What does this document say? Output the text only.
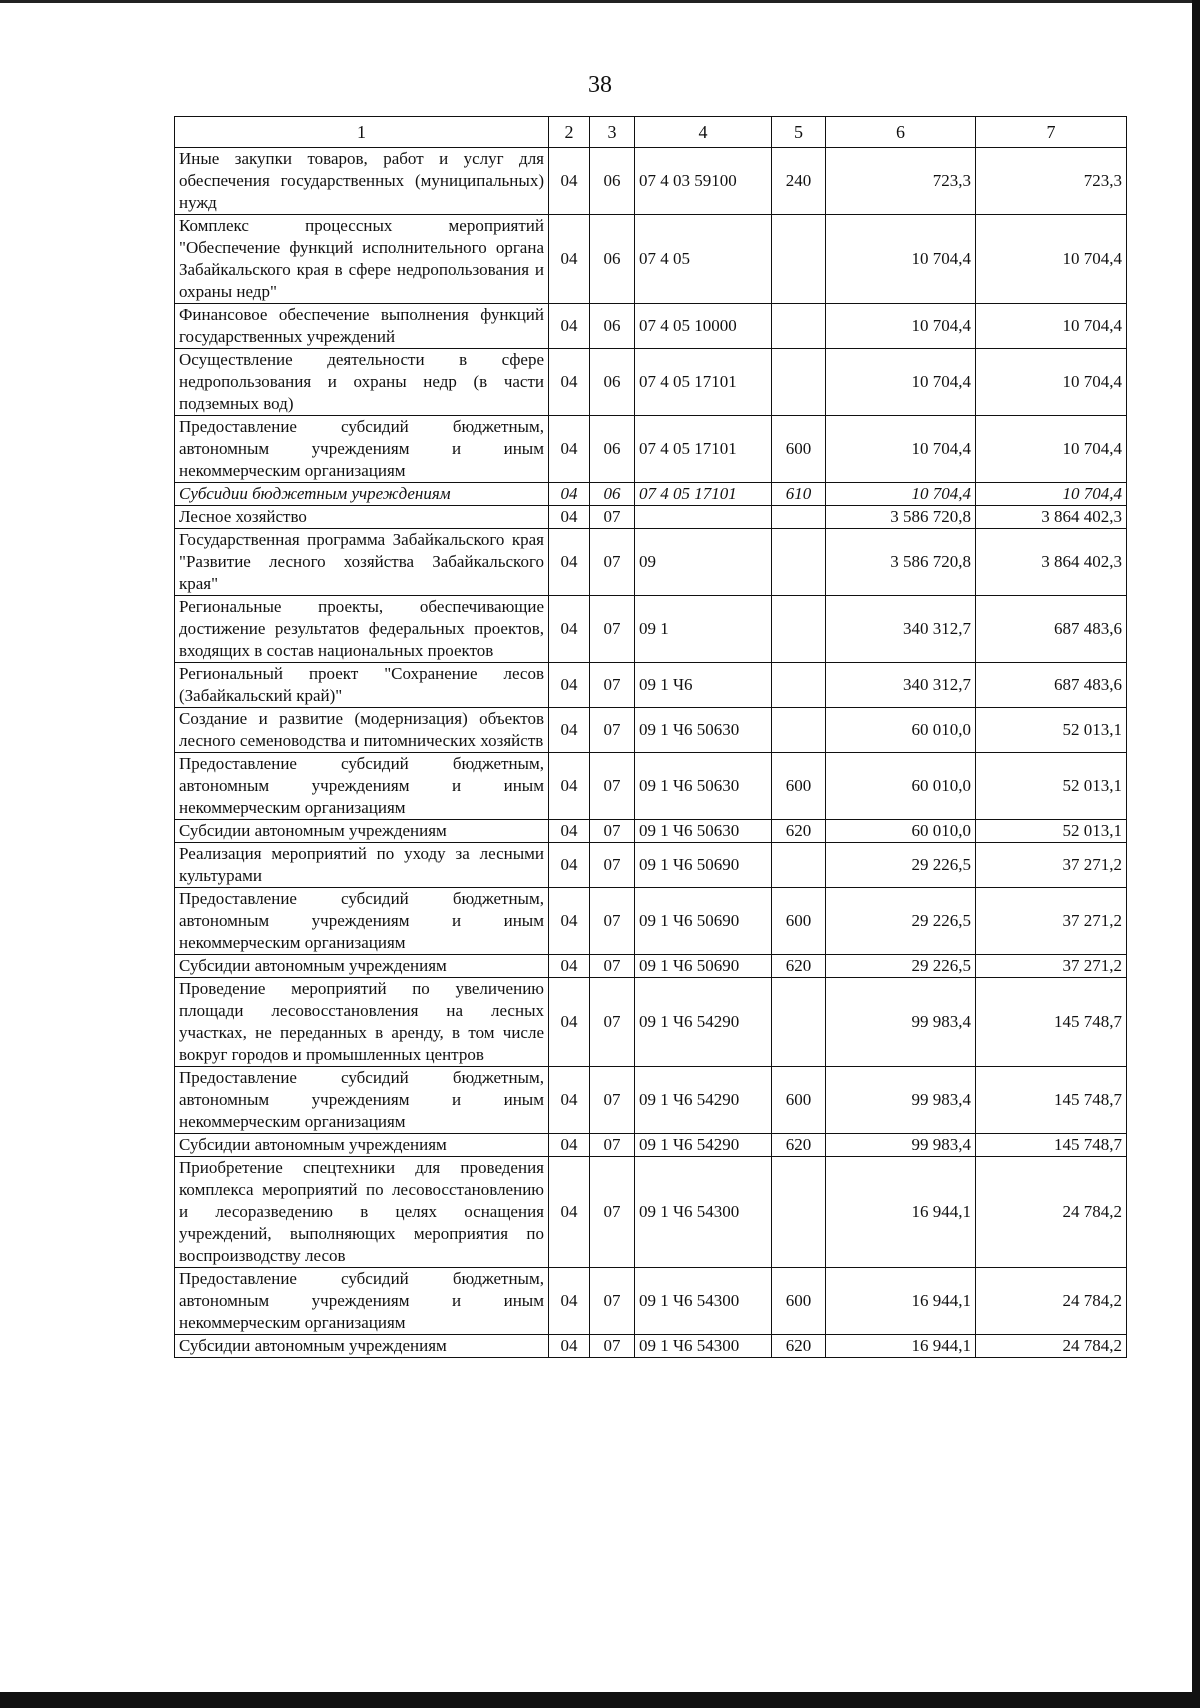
38
1	2	3	4	5	6	7
Иные закупки товаров, работ и услуг для обеспечения государственных (муниципальных) нужд	04	06	07 4 03 59100	240	723,3	723,3
Комплекс процессных мероприятий "Обеспечение функций исполнительного органа Забайкальского края в сфере недропользования и охраны недр"	04	06	07 4 05		10 704,4	10 704,4
Финансовое обеспечение выполнения функций государственных учреждений	04	06	07 4 05 10000		10 704,4	10 704,4
Осуществление деятельности в сфере недропользования и охраны недр (в части подземных вод)	04	06	07 4 05 17101		10 704,4	10 704,4
Предоставление субсидий бюджетным, автономным учреждениям и иным некоммерческим организациям	04	06	07 4 05 17101	600	10 704,4	10 704,4
Субсидии бюджетным учреждениям	04	06	07 4 05 17101	610	10 704,4	10 704,4
Лесное хозяйство	04	07			3 586 720,8	3 864 402,3
Государственная программа Забайкальского края "Развитие лесного хозяйства Забайкальского края"	04	07	09		3 586 720,8	3 864 402,3
Региональные проекты, обеспечивающие достижение результатов федеральных проектов, входящих в состав национальных проектов	04	07	09 1		340 312,7	687 483,6
Региональный проект "Сохранение лесов (Забайкальский край)"	04	07	09 1 Ч6		340 312,7	687 483,6
Создание и развитие (модернизация) объектов лесного семеноводства и питомнических хозяйств	04	07	09 1 Ч6 50630		60 010,0	52 013,1
Предоставление субсидий бюджетным, автономным учреждениям и иным некоммерческим организациям	04	07	09 1 Ч6 50630	600	60 010,0	52 013,1
Субсидии автономным учреждениям	04	07	09 1 Ч6 50630	620	60 010,0	52 013,1
Реализация мероприятий по уходу за лесными культурами	04	07	09 1 Ч6 50690		29 226,5	37 271,2
Предоставление субсидий бюджетным, автономным учреждениям и иным некоммерческим организациям	04	07	09 1 Ч6 50690	600	29 226,5	37 271,2
Субсидии автономным учреждениям	04	07	09 1 Ч6 50690	620	29 226,5	37 271,2
Проведение мероприятий по увеличению площади лесовосстановления на лесных участках, не переданных в аренду, в том числе вокруг городов и промышленных центров	04	07	09 1 Ч6 54290		99 983,4	145 748,7
Предоставление субсидий бюджетным, автономным учреждениям и иным некоммерческим организациям	04	07	09 1 Ч6 54290	600	99 983,4	145 748,7
Субсидии автономным учреждениям	04	07	09 1 Ч6 54290	620	99 983,4	145 748,7
Приобретение спецтехники для проведения комплекса мероприятий по лесовосстановлению и лесоразведению в целях оснащения учреждений, выполняющих мероприятия по воспроизводству лесов	04	07	09 1 Ч6 54300		16 944,1	24 784,2
Предоставление субсидий бюджетным, автономным учреждениям и иным некоммерческим организациям	04	07	09 1 Ч6 54300	600	16 944,1	24 784,2
Субсидии автономным учреждениям	04	07	09 1 Ч6 54300	620	16 944,1	24 784,2
